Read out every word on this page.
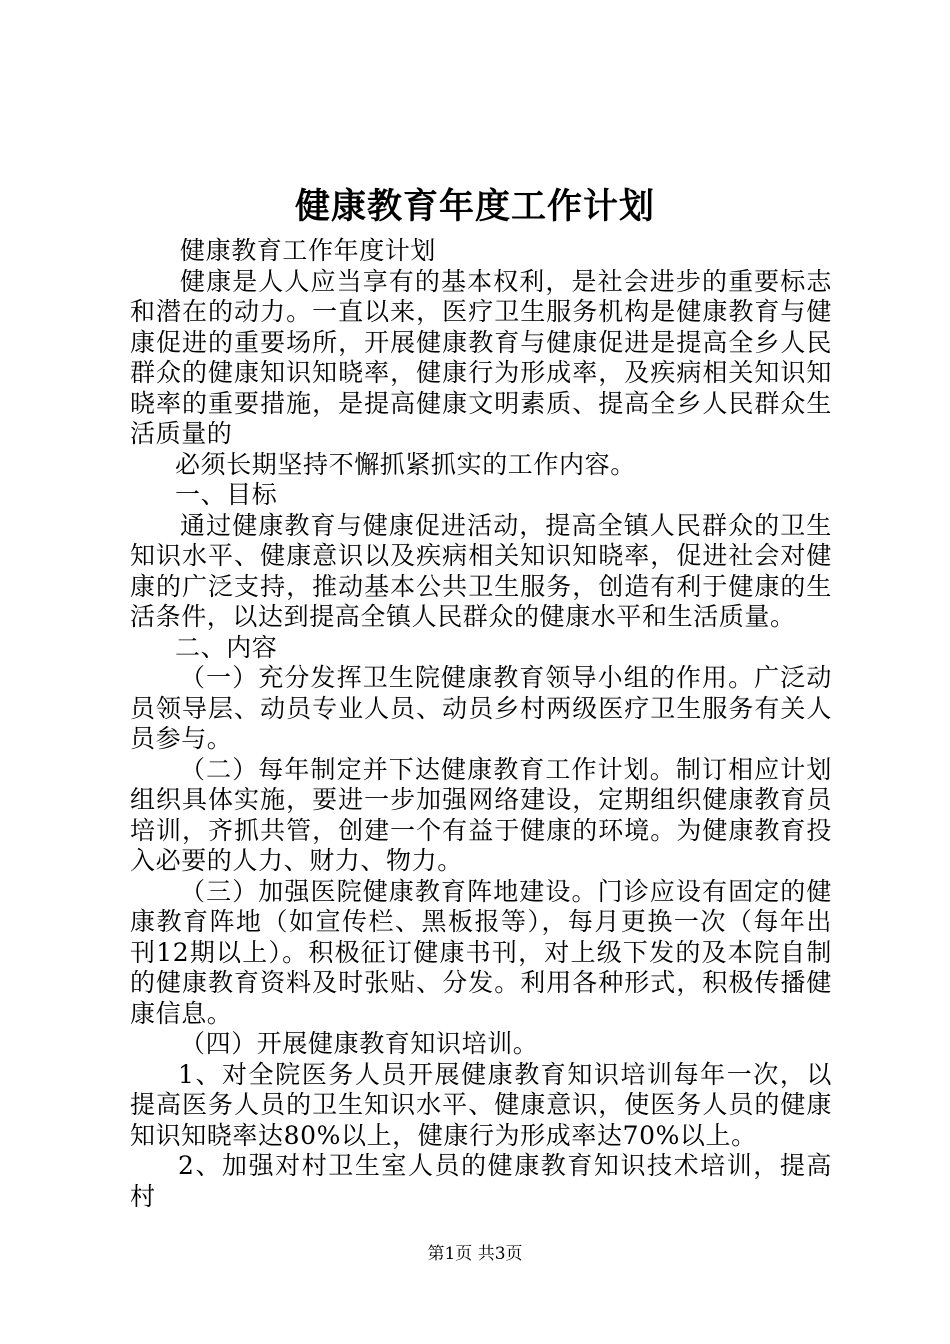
健康教育年度工作计划

健康教育工作年度计划

健康是人人应当享有的基本权利，是社会进步的重要标志和潜在的动力。一直以来，医疗卫生服务机构是健康教育与健康促进的重要场所，开展健康教育与健康促进是提高全乡人民群众的健康知识知晓率，健康行为形成率，及疾病相关知识知晓率的重要措施，是提高健康文明素质、提高全乡人民群众生活质量的

必须长期坚持不懈抓紧抓实的工作内容。

一、目标

通过健康教育与健康促进活动，提高全镇人民群众的卫生知识水平、健康意识以及疾病相关知识知晓率，促进社会对健康的广泛支持，推动基本公共卫生服务，创造有利于健康的生活条件，以达到提高全镇人民群众的健康水平和生活质量。

二、内容

（一）充分发挥卫生院健康教育领导小组的作用。广泛动员领导层、动员专业人员、动员乡村两级医疗卫生服务有关人员参与。

（二）每年制定并下达健康教育工作计划。制订相应计划组织具体实施，要进一步加强网络建设，定期组织健康教育员培训，齐抓共管，创建一个有益于健康的环境。为健康教育投入必要的人力、财力、物力。

（三）加强医院健康教育阵地建设。门诊应设有固定的健康教育阵地（如宣传栏、黑板报等），每月更换一次（每年出刊12期以上）。积极征订健康书刊，对上级下发的及本院自制的健康教育资料及时张贴、分发。利用各种形式，积极传播健康信息。

（四）开展健康教育知识培训。

1、对全院医务人员开展健康教育知识培训每年一次，以提高医务人员的卫生知识水平、健康意识，使医务人员的健康知识知晓率达80%以上，健康行为形成率达70%以上。

2、加强对村卫生室人员的健康教育知识技术培训，提高村

第1页 共3页
